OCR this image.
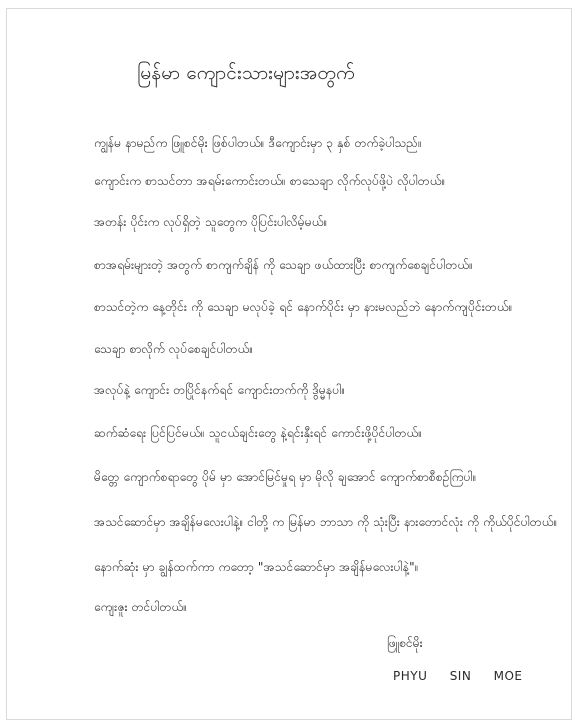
မြန်မာ ကျောင်းသားများအတွက်
ကျွန်မ နာမည်က ဖြူစင်မိုး ဖြစ်ပါတယ်။ ဒီကျောင်းမှာ ၃ နှစ် တက်ခဲ့ပါသည်။
ကျောင်းက စာသင်တာ အရမ်းကောင်းတယ်။ စာသေချာ လိုက်လုပ်ဖို့ပဲ လိုပါတယ်။
အတန်း ပိုင်းက လုပ်ရှိတဲ့ သူတွေက ပိုပြင်းပါလိမ့်မယ်။
စာအရမ်းများတဲ့ အတွက် စာကျက်ချိန် ကို သေချာ ဖယ်ထားပြီး စာကျက်စေချင်ပါတယ်။
စာသင်တဲ့က နေ့တိုင်း ကို သေချာ မလုပ်ခဲ့ ရင် နောက်ပိုင်း မှာ နားမလည်ဘဲ နောက်ကျပိုင်းတယ်။
သေချာ စာလိုက် လုပ်စေချင်ပါတယ်။
အလုပ်နဲ့ ကျောင်း တပြိုင်နက်ရင် ကျောင်းတက်ကို ဒွိမ္မနပါ။
ဆက်ဆံရေး ပြင်ပြင်မယ်။ သူငယ်ချင်းတွေ နဲ့ရင်းနှီးရင် ကောင်းဖို့ပိုင်ပါတယ်။
မိတ္တေ ကျောက်စရာတွေ ပိုမ် မှာ အောင်မြင်မှုရ မှာ မိုလို ချအောင် ကျောက်စာစီစဉ်ကြပါ။
အသင်ဆောင်မှာ အချိန်မလေးပါနဲ့။ ငါတို့ က မြန်မာ ဘာသာ ကို သုံးပြီး နားတောင်လုံး ကို ကိုယ်ပိုင်ပါတယ်။
နောက်ဆုံး မှာ ချွန်ထက်ကာ ကတော့ "အသင်ဆောင်မှာ အချိန်မလေးပါနဲ့"။
ကျေးဇူး တင်ပါတယ်။
ဖြူစင်မိုး
PHYU SIN MOE
